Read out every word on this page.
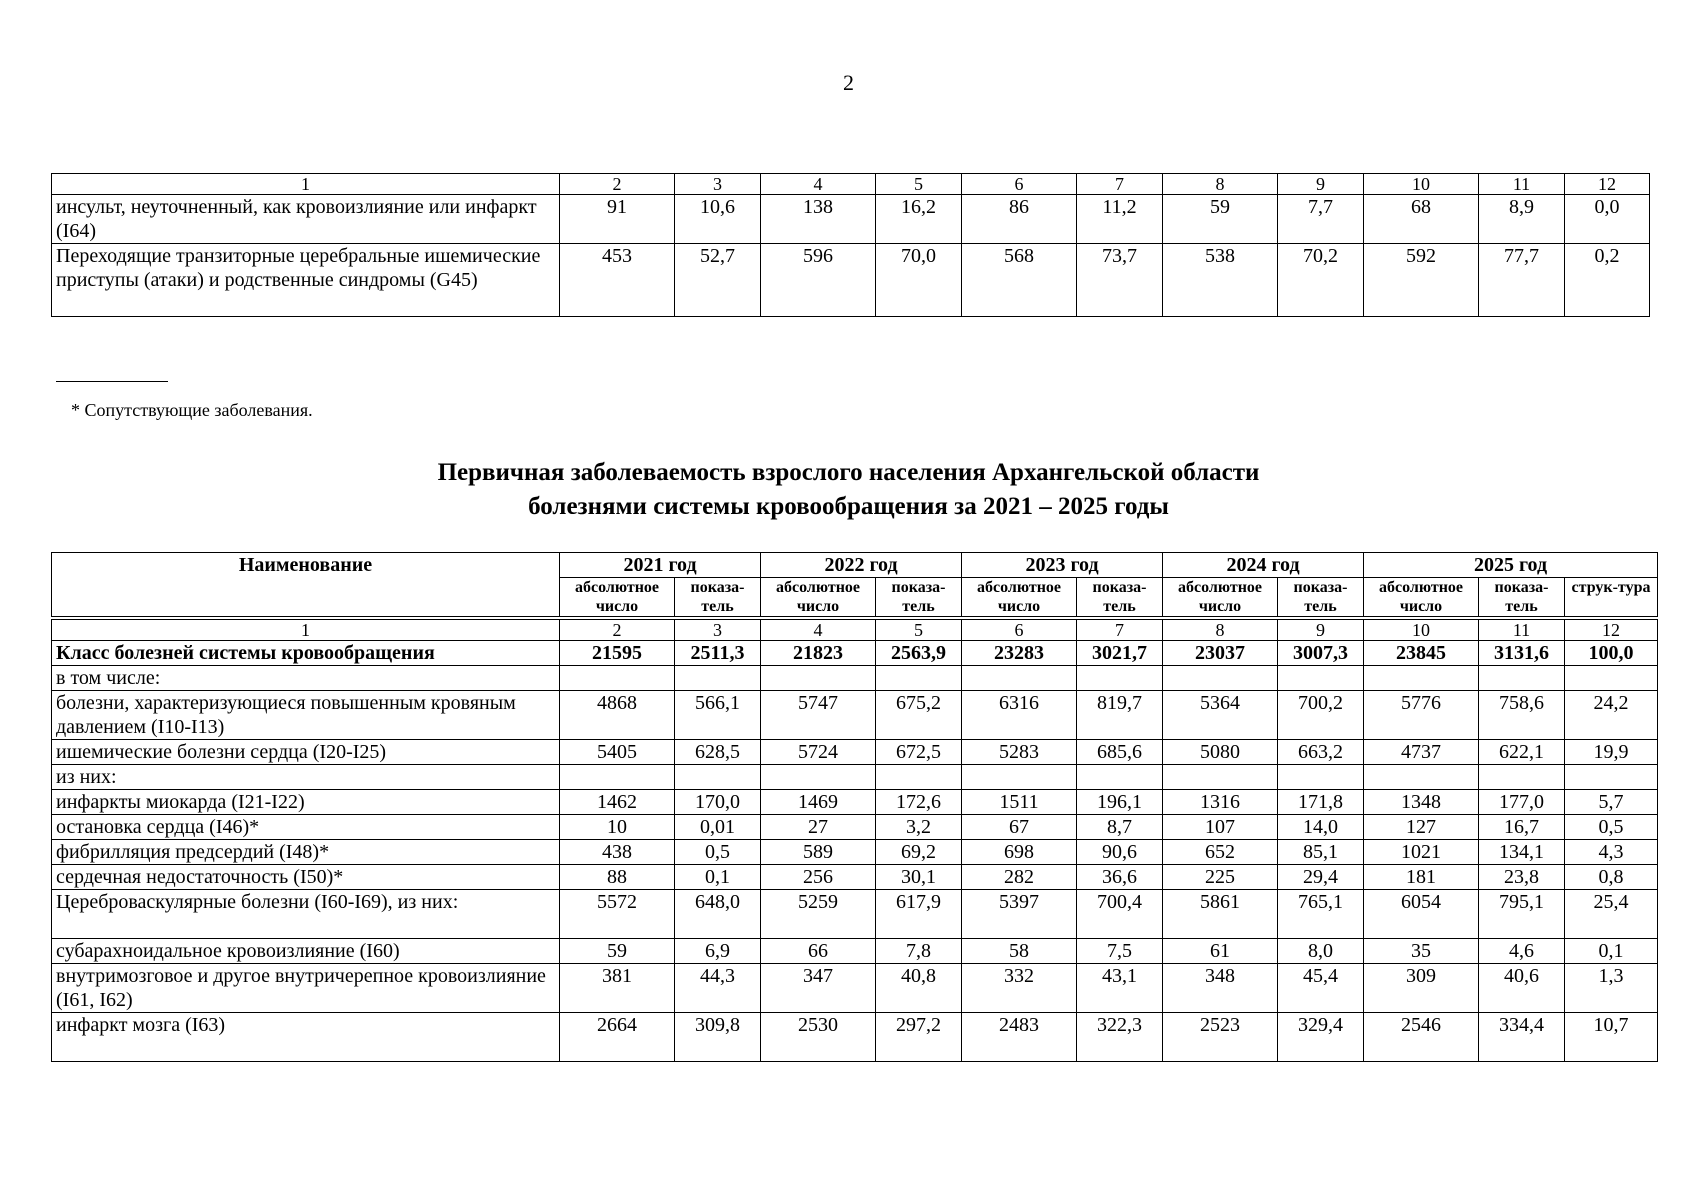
2
1	2	3	4	5	6	7	8	9	10	11	12
инсульт, неуточненный, как кровоизлияние или инфаркт (I64)	91	10,6	138	16,2	86	11,2	59	7,7	68	8,9	0,0
Переходящие транзиторные церебральные ишемические приступы (атаки) и родственные синдромы (G45)	453	52,7	596	70,0	568	73,7	538	70,2	592	77,7	0,2
* Сопутствующие заболевания.
Первичная заболеваемость взрослого населения Архангельской области
болезнями системы кровообращения за 2021 – 2025 годы
Наименование	2021 год		2022 год		2023 год		2024 год		2025 год		
	абсолютное число	показа-тель	абсолютное число	показа-тель	абсолютное число	показа-тель	абсолютное число	показа-тель	абсолютное число	показа-тель	струк-тура

1	2	3	4	5	6	7	8	9	10	11	12
Класс болезней системы кровообращения	21595	2511,3	21823	2563,9	23283	3021,7	23037	3007,3	23845	3131,6	100,0
в том числе:											
болезни, характеризующиеся повышенным кровяным давлением (I10-I13)	4868	566,1	5747	675,2	6316	819,7	5364	700,2	5776	758,6	24,2
ишемические болезни сердца (I20-I25)	5405	628,5	5724	672,5	5283	685,6	5080	663,2	4737	622,1	19,9
из них:											
инфаркты миокарда (I21-I22)	1462	170,0	1469	172,6	1511	196,1	1316	171,8	1348	177,0	5,7
остановка сердца (I46)*	10	0,01	27	3,2	67	8,7	107	14,0	127	16,7	0,5
фибрилляция предсердий (I48)*	438	0,5	589	69,2	698	90,6	652	85,1	1021	134,1	4,3
сердечная недостаточность (I50)*	88	0,1	256	30,1	282	36,6	225	29,4	181	23,8	0,8
Цереброваскулярные болезни (I60-I69), из них:	5572	648,0	5259	617,9	5397	700,4	5861	765,1	6054	795,1	25,4
субарахноидальное кровоизлияние (I60)	59	6,9	66	7,8	58	7,5	61	8,0	35	4,6	0,1
внутримозговое и другое внутричерепное кровоизлияние (I61, I62)	381	44,3	347	40,8	332	43,1	348	45,4	309	40,6	1,3
инфаркт мозга (I63)	2664	309,8	2530	297,2	2483	322,3	2523	329,4	2546	334,4	10,7
